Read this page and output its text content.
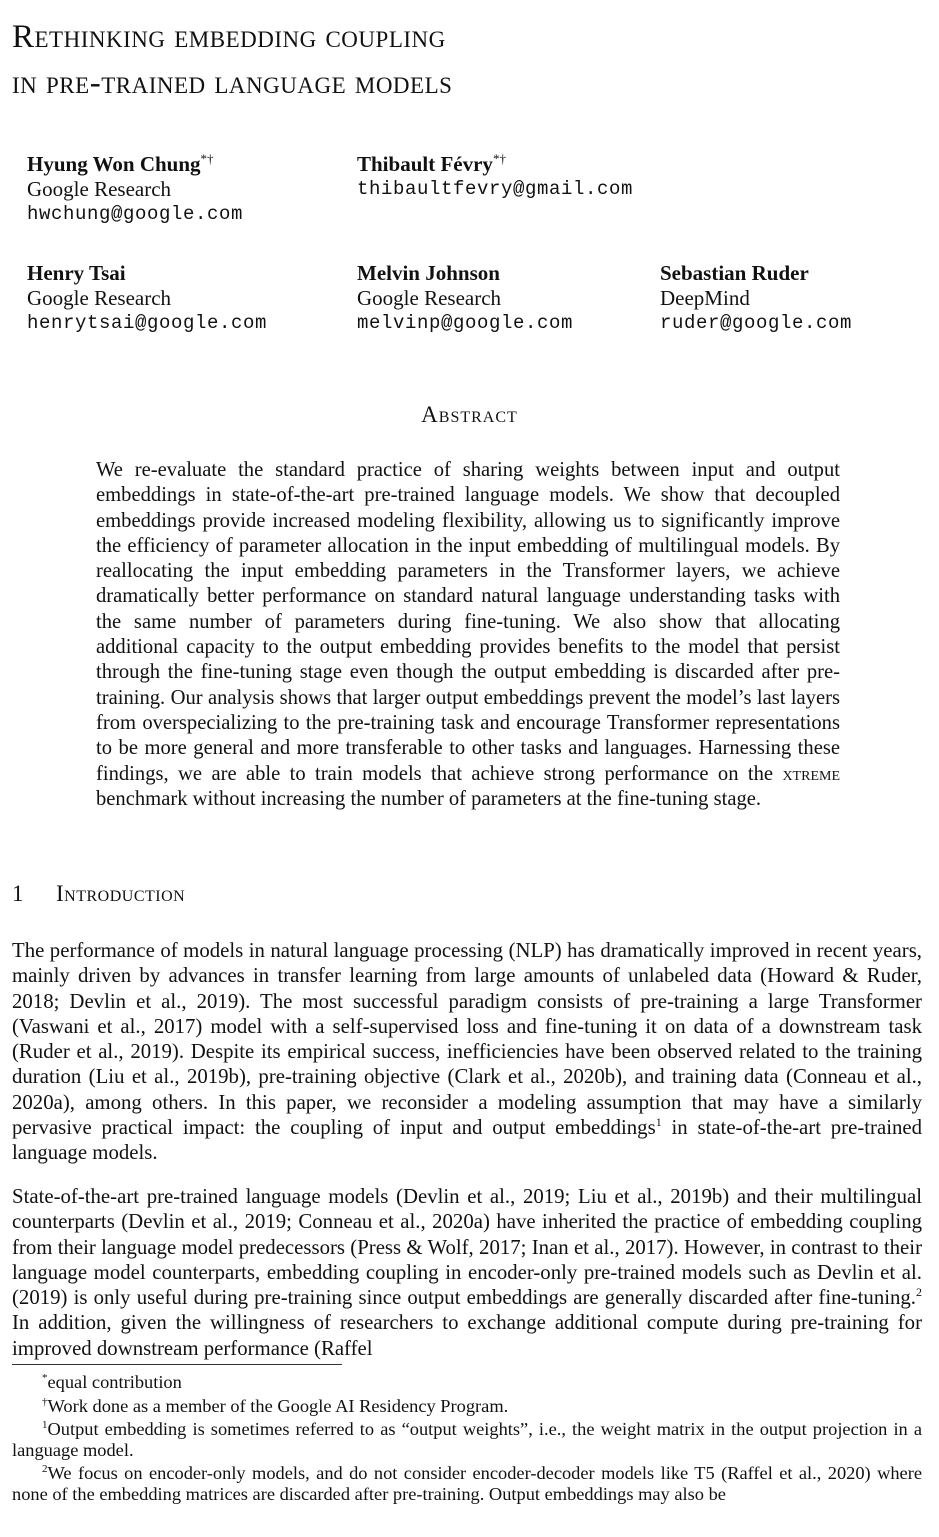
Rethinking embedding coupling
in pre-trained language models
Hyung Won Chung*†
Google Research
hwchung@google.com
Thibault Févry*†
thibaultfevry@gmail.com
Henry Tsai
Google Research
henrytsai@google.com
Melvin Johnson
Google Research
melvinp@google.com
Sebastian Ruder
DeepMind
ruder@google.com
Abstract

We re-evaluate the standard practice of sharing weights between input and output embeddings in state-of-the-art pre-trained language models. We show that decoupled embeddings provide increased modeling flexibility, allowing us to significantly improve the efficiency of parameter allocation in the input embedding of multilingual models. By reallocating the input embedding parameters in the Transformer layers, we achieve dramatically better performance on standard natural language understanding tasks with the same number of parameters during fine-tuning. We also show that allocating additional capacity to the output embedding provides benefits to the model that persist through the fine-tuning stage even though the output embedding is discarded after pre-training. Our analysis shows that larger output embeddings prevent the model’s last layers from overspecializing to the pre-training task and encourage Transformer representations to be more general and more transferable to other tasks and languages. Harnessing these findings, we are able to train models that achieve strong performance on the xtreme benchmark without increasing the number of parameters at the fine-tuning stage.

1 Introduction

The performance of models in natural language processing (NLP) has dramatically improved in recent years, mainly driven by advances in transfer learning from large amounts of unlabeled data (Howard & Ruder, 2018; Devlin et al., 2019). The most successful paradigm consists of pre-training a large Transformer (Vaswani et al., 2017) model with a self-supervised loss and fine-tuning it on data of a downstream task (Ruder et al., 2019). Despite its empirical success, inefficiencies have been observed related to the training duration (Liu et al., 2019b), pre-training objective (Clark et al., 2020b), and training data (Conneau et al., 2020a), among others. In this paper, we reconsider a modeling assumption that may have a similarly pervasive practical impact: the coupling of input and output embeddings$^1$ in state-of-the-art pre-trained language models.

State-of-the-art pre-trained language models (Devlin et al., 2019; Liu et al., 2019b) and their multilingual counterparts (Devlin et al., 2019; Conneau et al., 2020a) have inherited the practice of embedding coupling from their language model predecessors (Press & Wolf, 2017; Inan et al., 2017). However, in contrast to their language model counterparts, embedding coupling in encoder-only pre-trained models such as Devlin et al. (2019) is only useful during pre-training since output embeddings are generally discarded after fine-tuning.$^2$ In addition, given the willingness of researchers to exchange additional compute during pre-training for improved downstream performance (Raffel

*equal contribution

†Work done as a member of the Google AI Residency Program.

$^1$Output embedding is sometimes referred to as “output weights”, i.e., the weight matrix in the output projection in a language model.

$^2$We focus on encoder-only models, and do not consider encoder-decoder models like T5 (Raffel et al., 2020) where none of the embedding matrices are discarded after pre-training. Output embeddings may also be
